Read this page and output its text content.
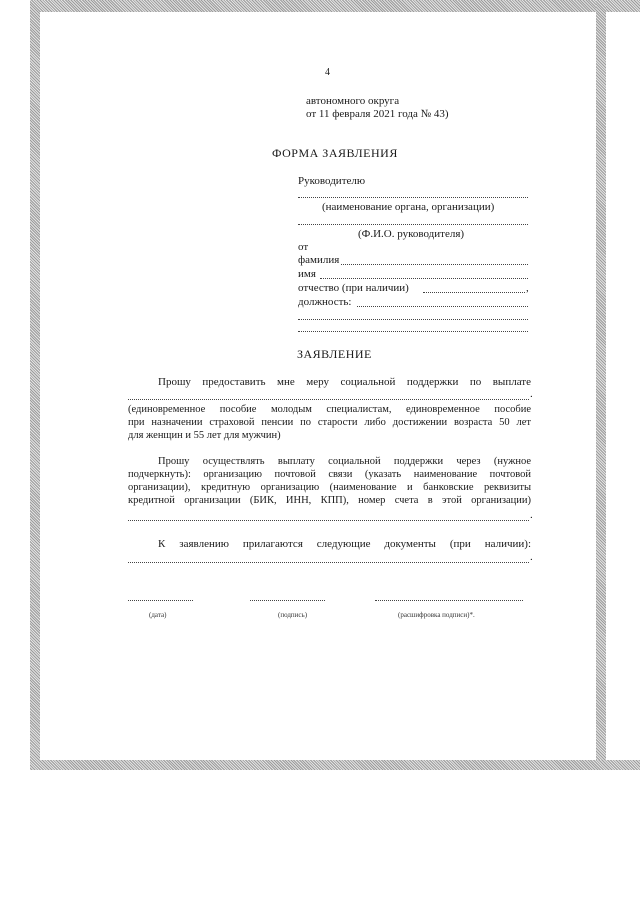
4
автономного округа
от 11 февраля 2021 года № 43)
ФОРМА ЗАЯВЛЕНИЯ
Руководителю
(наименование органа, организации)
(Ф.И.О. руководителя)
от
фамилия
имя
отчество (при наличии)	,
должность:
ЗАЯВЛЕНИЕ
Прошу предоставить мне меру социальной поддержки по выплате
.
(единовременное пособие молодым специалистам, единовременное пособие
при назначении страховой пенсии по старости либо достижении возраста 50 лет
для женщин и 55 лет для мужчин)
Прошу осуществлять выплату социальной поддержки через (нужное
подчеркнуть): организацию почтовой связи (указать наименование почтовой
организации), кредитную организацию (наименование и банковские реквизиты
кредитной организации (БИК, ИНН, КПП), номер счета в этой организации)
.
К заявлению прилагаются следующие документы (при наличии):
.
(дата)	(подпись)	(расшифровка подписи)*.
